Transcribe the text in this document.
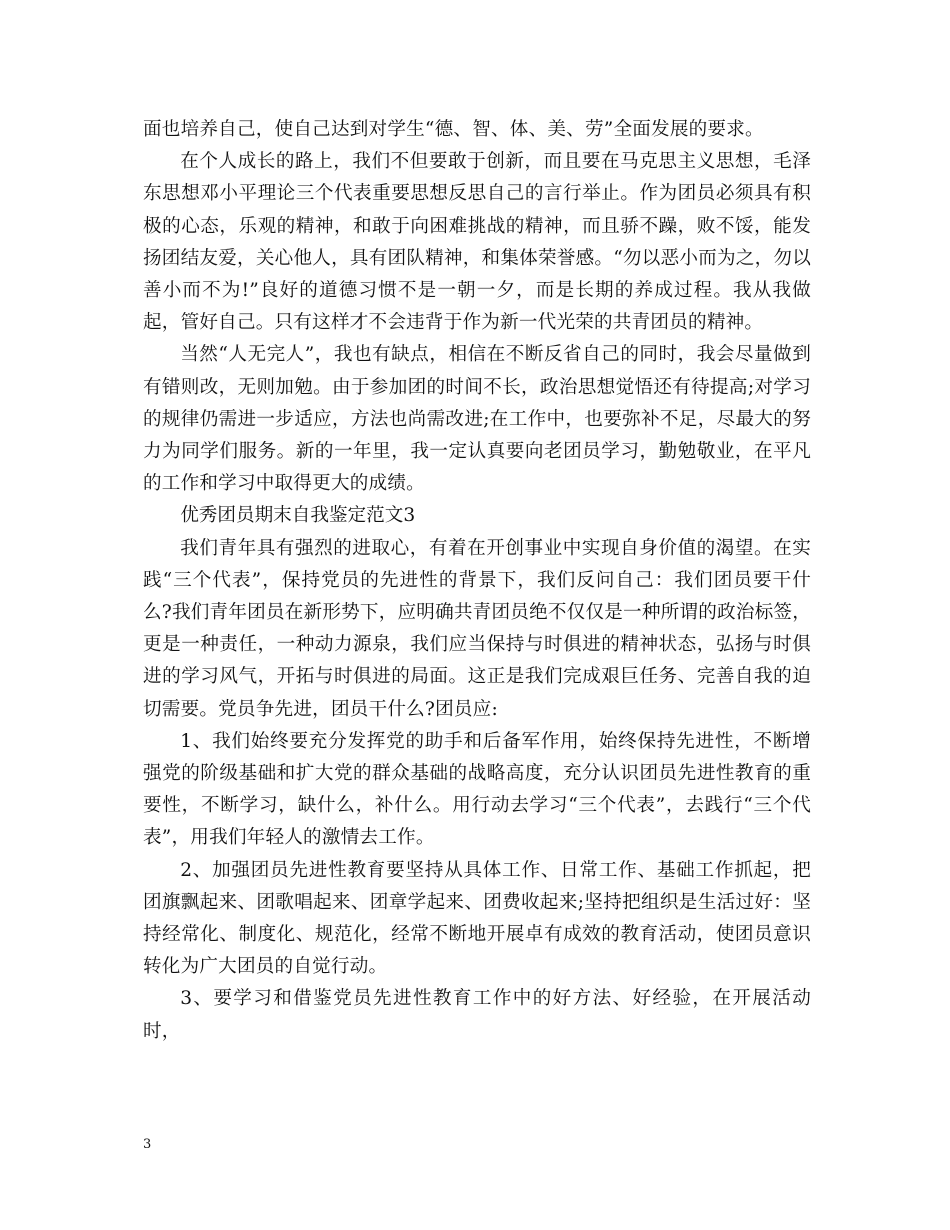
面也培养自己，使自己达到对学生“德、智、体、美、劳”全面发展的要求。

在个人成长的路上，我们不但要敢于创新，而且要在马克思主义思想，毛泽东思想邓小平理论三个代表重要思想反思自己的言行举止。作为团员必须具有积极的心态，乐观的精神，和敢于向困难挑战的精神，而且骄不躁，败不馁，能发扬团结友爱，关心他人，具有团队精神，和集体荣誉感。“勿以恶小而为之，勿以善小而不为!”良好的道德习惯不是一朝一夕，而是长期的养成过程。我从我做起，管好自己。只有这样才不会违背于作为新一代光荣的共青团员的精神。

当然“人无完人”，我也有缺点，相信在不断反省自己的同时，我会尽量做到有错则改，无则加勉。由于参加团的时间不长，政治思想觉悟还有待提高;对学习的规律仍需进一步适应，方法也尚需改进;在工作中，也要弥补不足，尽最大的努力为同学们服务。新的一年里，我一定认真要向老团员学习，勤勉敬业，在平凡的工作和学习中取得更大的成绩。

优秀团员期末自我鉴定范文3

我们青年具有强烈的进取心，有着在开创事业中实现自身价值的渴望。在实践“三个代表”，保持党员的先进性的背景下，我们反问自己：我们团员要干什么?我们青年团员在新形势下，应明确共青团员绝不仅仅是一种所谓的政治标签，更是一种责任，一种动力源泉，我们应当保持与时俱进的精神状态，弘扬与时俱进的学习风气，开拓与时俱进的局面。这正是我们完成艰巨任务、完善自我的迫切需要。党员争先进，团员干什么?团员应:

1、我们始终要充分发挥党的助手和后备军作用，始终保持先进性，不断增强党的阶级基础和扩大党的群众基础的战略高度，充分认识团员先进性教育的重要性，不断学习，缺什么，补什么。用行动去学习“三个代表”，去践行“三个代表”，用我们年轻人的激情去工作。

2、加强团员先进性教育要坚持从具体工作、日常工作、基础工作抓起，把团旗飘起来、团歌唱起来、团章学起来、团费收起来;坚持把组织是生活过好：坚持经常化、制度化、规范化，经常不断地开展卓有成效的教育活动，使团员意识转化为广大团员的自觉行动。

3、要学习和借鉴党员先进性教育工作中的好方法、好经验，在开展活动时，

3
